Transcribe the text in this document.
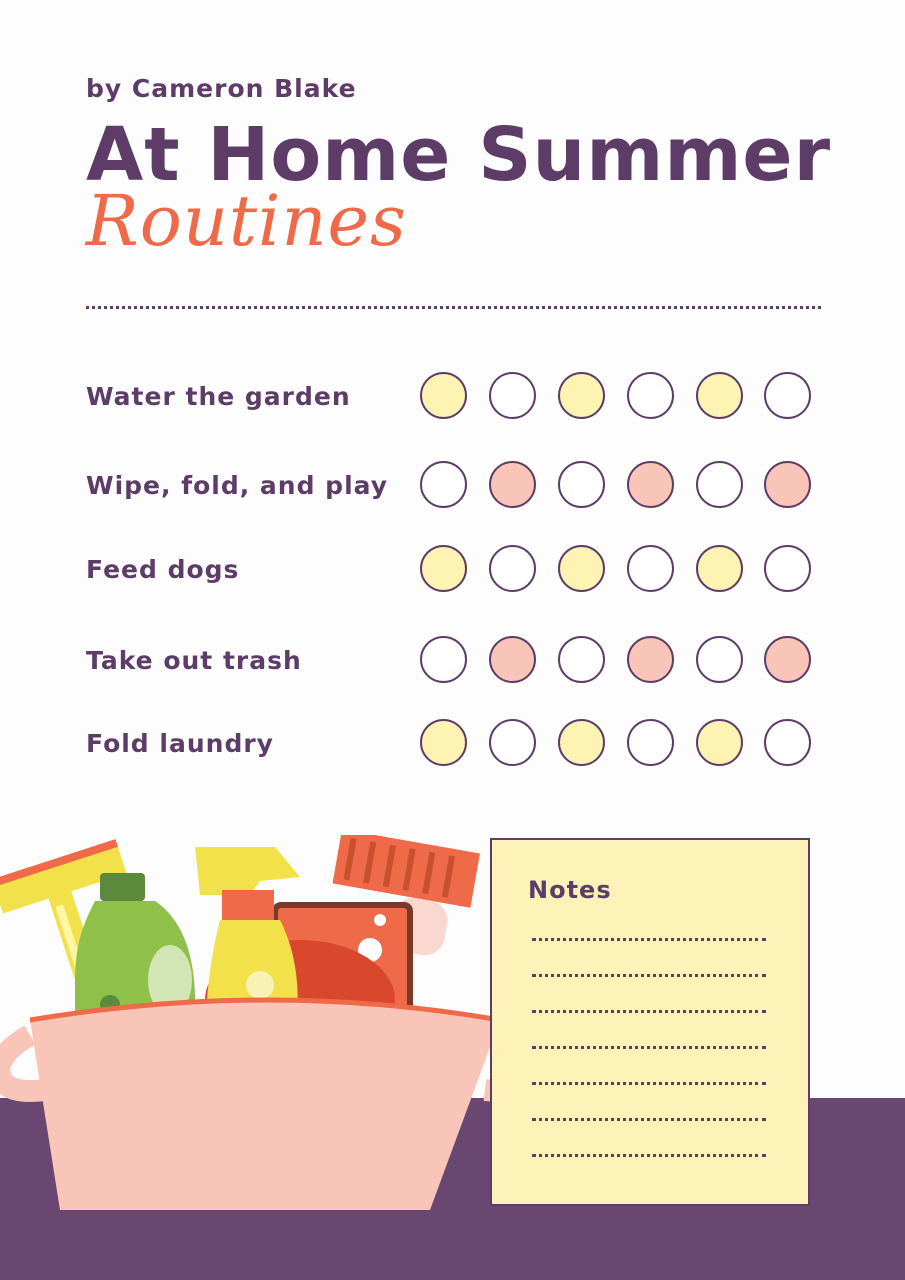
by Cameron Blake
At Home Summer
Routines
Water the garden
Wipe, fold, and play
Feed dogs
Take out trash
Fold laundry
Notes
